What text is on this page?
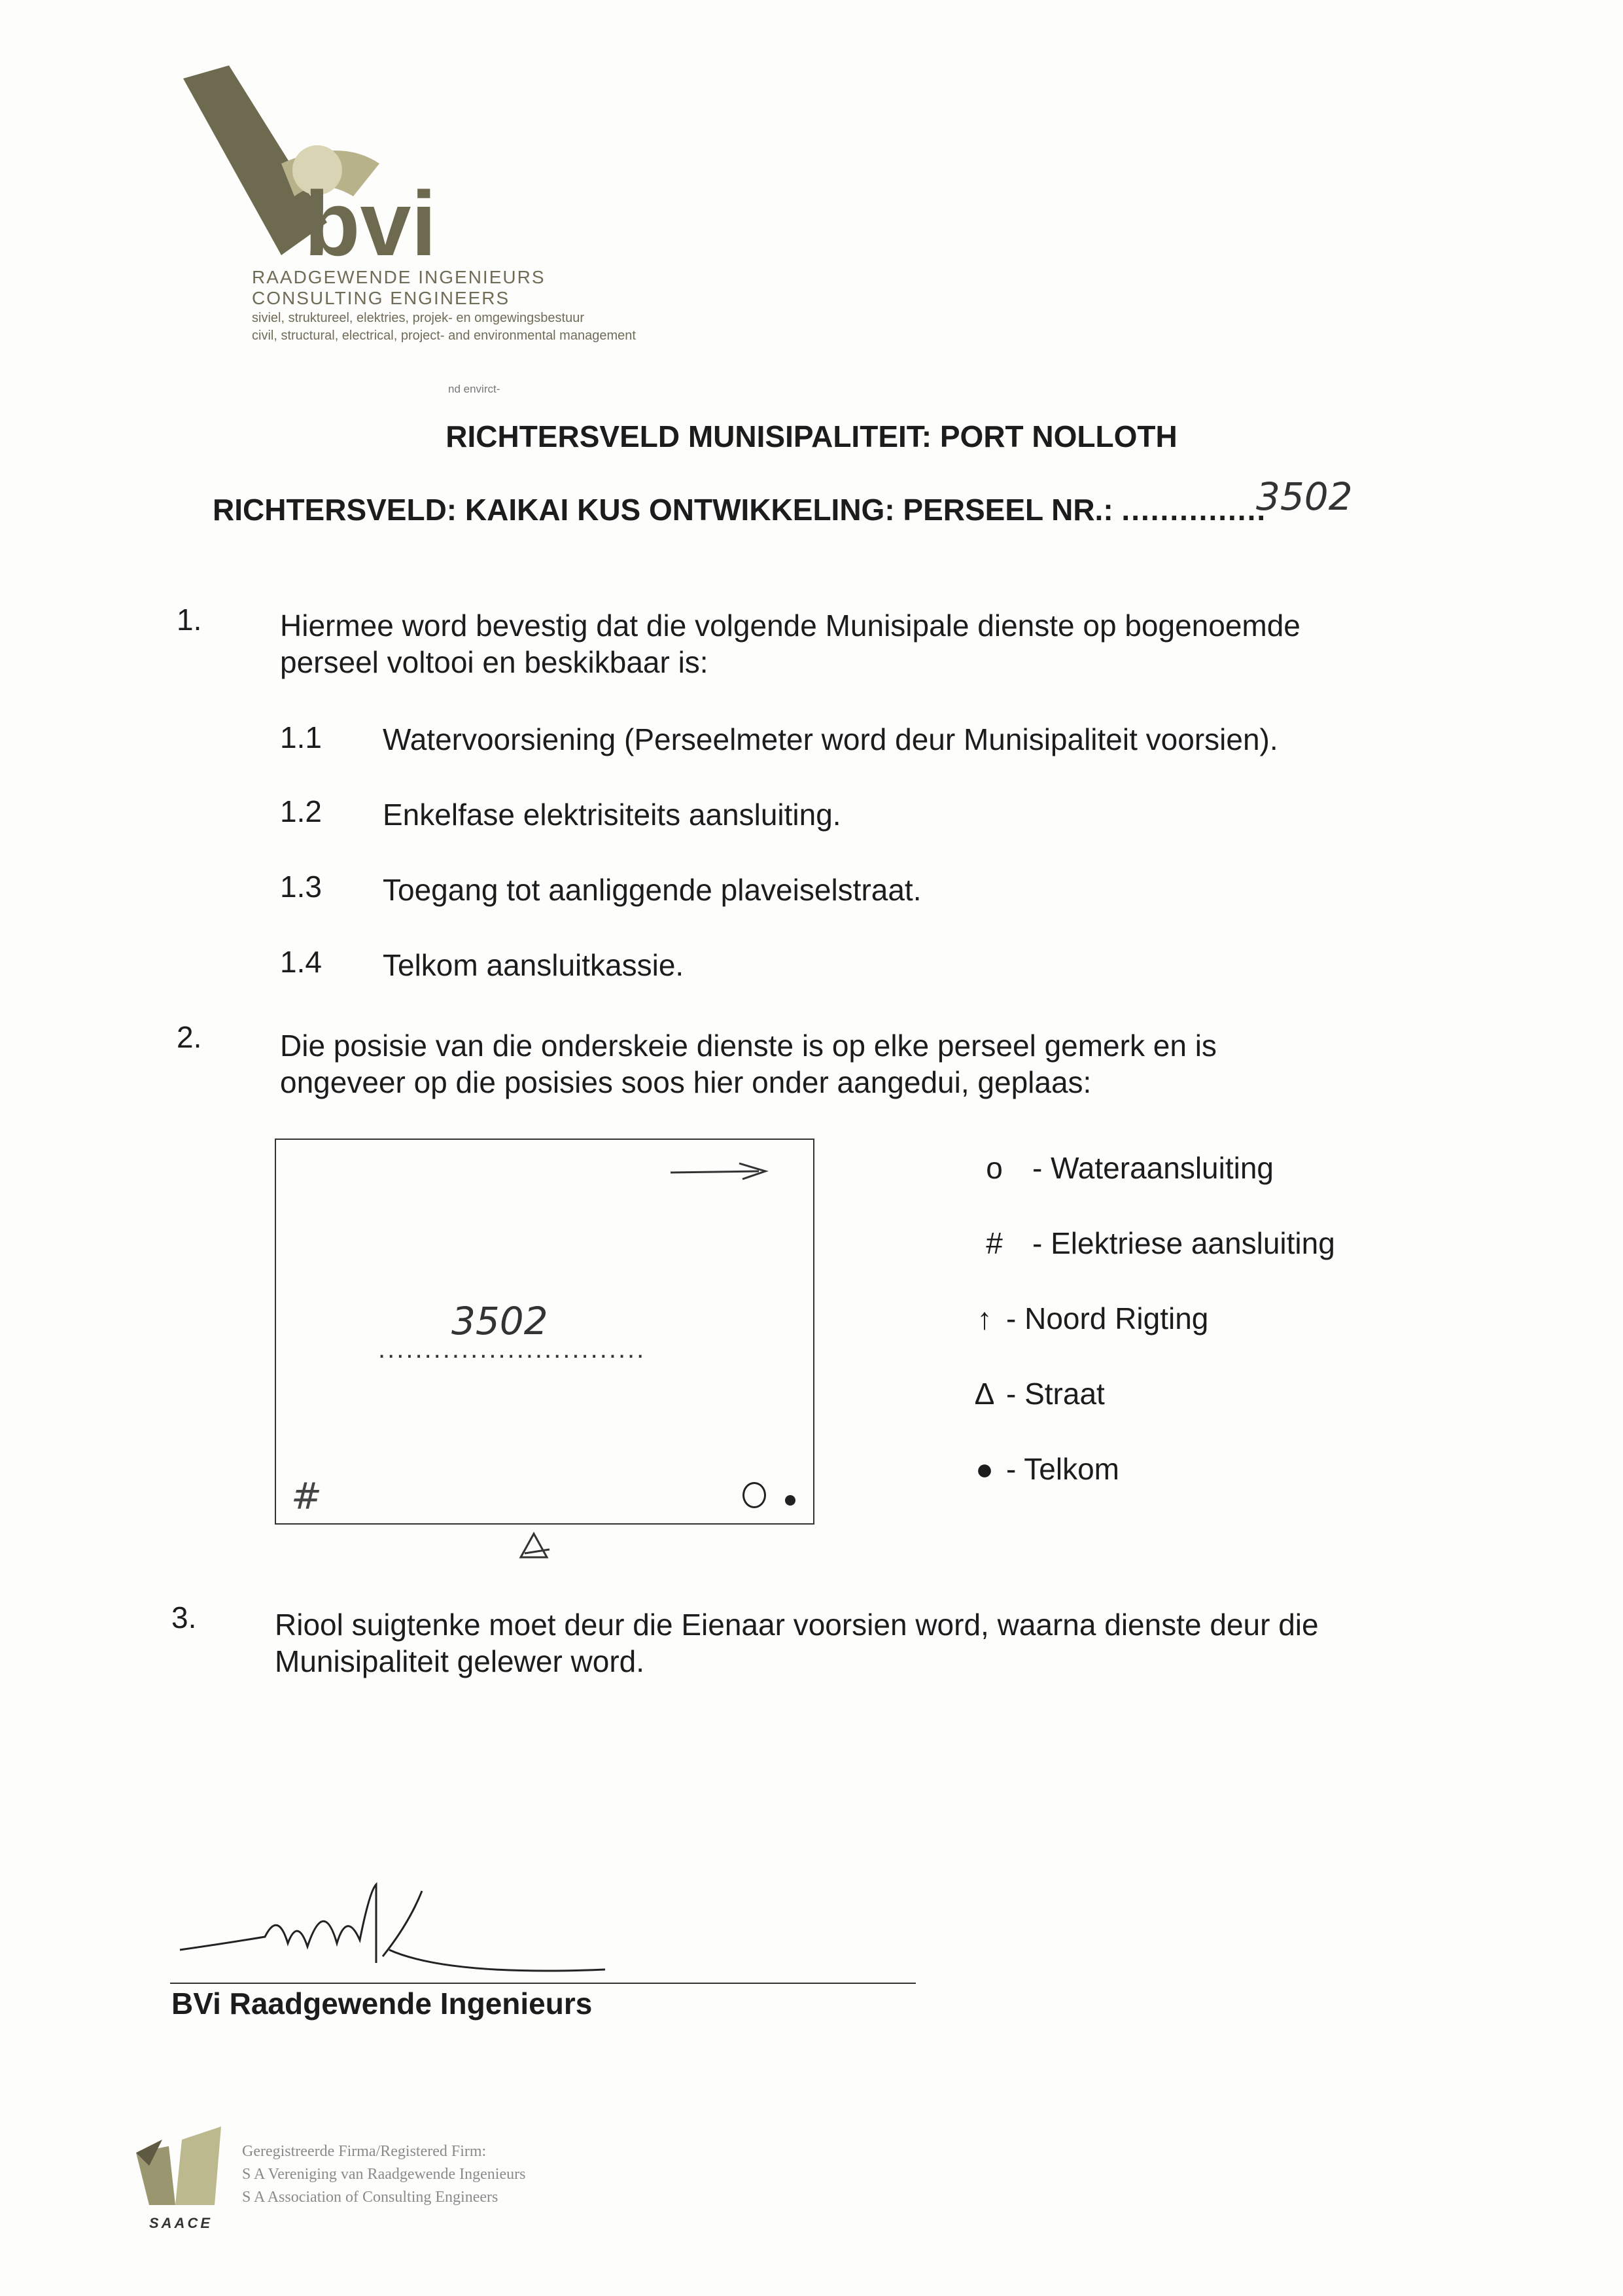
bvi
RAADGEWENDE INGENIEURS
CONSULTING ENGINEERS
siviel, struktureel, elektries, projek- en omgewingsbestuur
civil, structural, electrical, project- and environmental management
nd envirct-
RICHTERSVELD MUNISIPALITEIT: PORT NOLLOTH
RICHTERSVELD: KAIKAI KUS ONTWIKKELING: PERSEEL NR.: ...............
3502
1.	Hiermee word bevestig dat die volgende Munisipale dienste op bogenoemde
perseel voltooi en beskikbaar is:
1.1 Watervoorsiening (Perseelmeter word deur Munisipaliteit voorsien).
1.2 Enkelfase elektrisiteits aansluiting.
1.3 Toegang tot aanliggende plaveiselstraat.
1.4 Telkom aansluitkassie.
2.	Die posisie van die onderskeie dienste is op elke perseel gemerk en is
ongeveer op die posisies soos hier onder aangedui, geplaas:
3502
.............................
#
o - Wateraansluiting
# - Elektriese aansluiting
↑ - Noord Rigting
Δ - Straat
● - Telkom
3.	Riool suigtenke moet deur die Eienaar voorsien word, waarna dienste deur die
Munisipaliteit gelewer word.
BVi Raadgewende Ingenieurs
SAACE
Geregistreerde Firma/Registered Firm:
S A Vereniging van Raadgewende Ingenieurs
S A Association of Consulting Engineers
